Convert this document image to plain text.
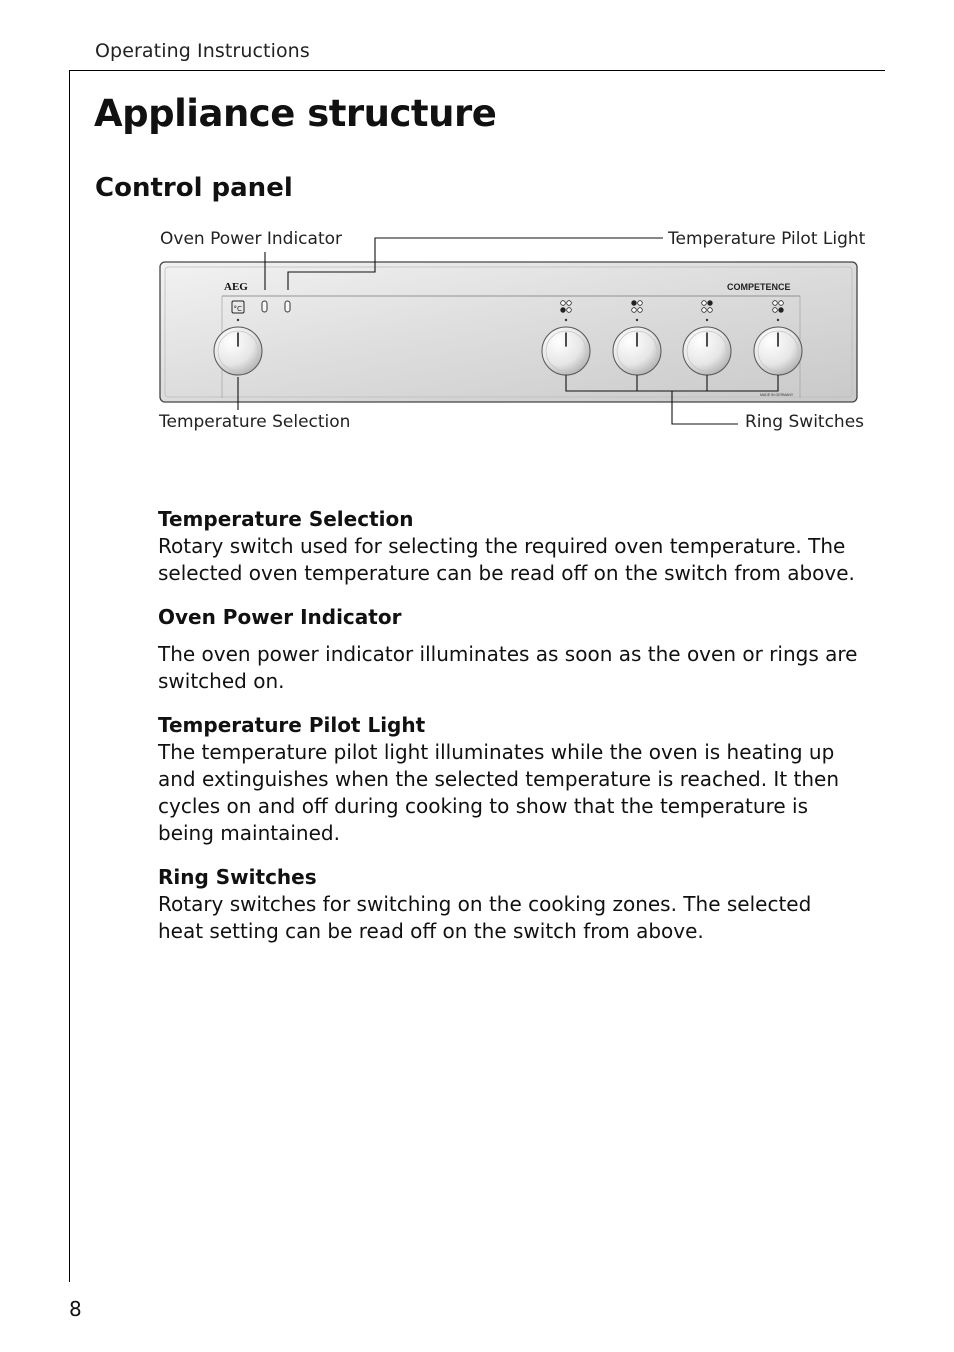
Operating Instructions
Appliance structure
Control panel
AEG	COMPETENCE
MADE IN GERMANY
°C
Oven Power Indicator	Temperature Pilot Light
Temperature Selection	Ring Switches

Temperature Selection

Rotary switch used for selecting the required oven temperature. The selected oven temperature can be read off on the switch from above.

Oven Power Indicator

The oven power indicator illuminates as soon as the oven or rings are switched on.

Temperature Pilot Light

The temperature pilot light illuminates while the oven is heating up and extinguishes when the selected temperature is reached. It then cycles on and off during cooking to show that the temperature is being maintained.

Ring Switches

Rotary switches for switching on the cooking zones. The selected heat setting can be read off on the switch from above.

8
